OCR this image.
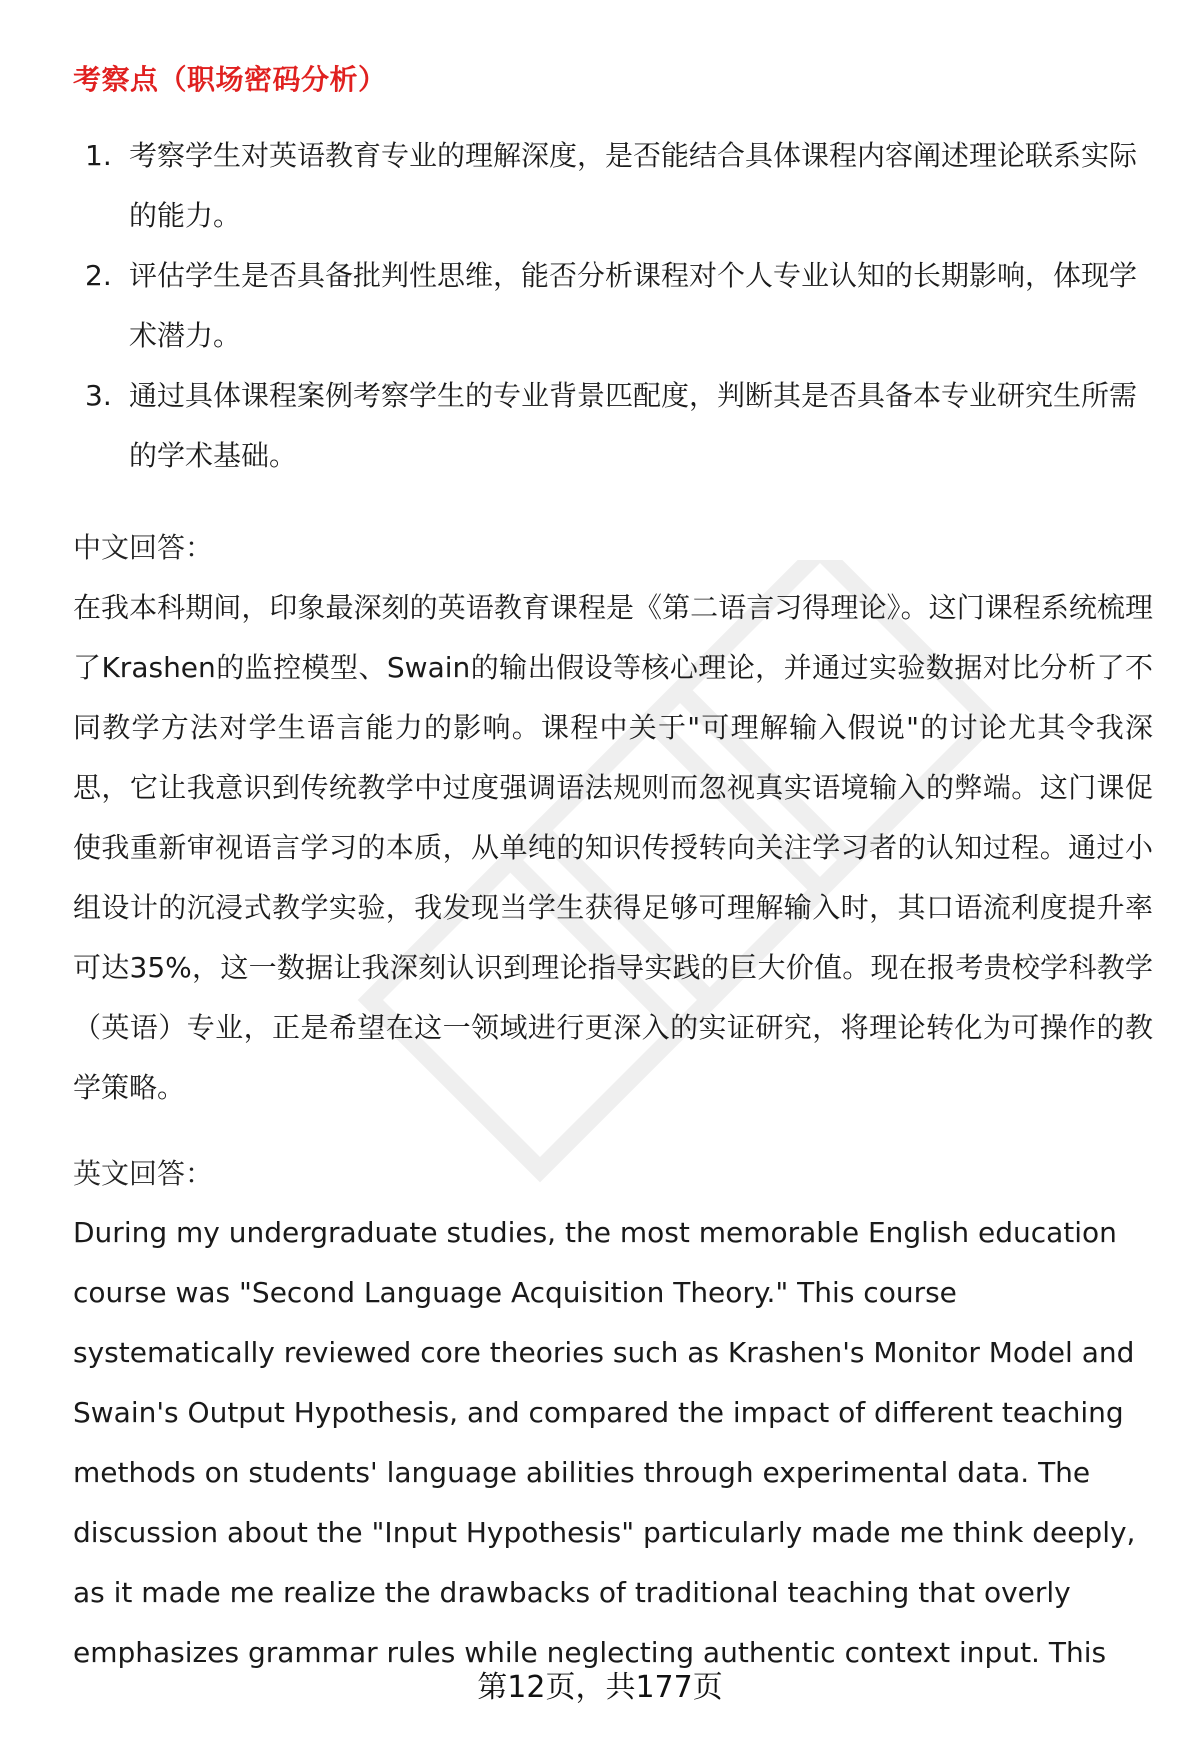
考察点（职场密码分析）
1. 考察学生对英语教育专业的理解深度，是否能结合具体课程内容阐述理论联系实际的能力。
2. 评估学生是否具备批判性思维，能否分析课程对个人专业认知的长期影响，体现学术潜力。
3. 通过具体课程案例考察学生的专业背景匹配度，判断其是否具备本专业研究生所需的学术基础。
中文回答：

在我本科期间，印象最深刻的英语教育课程是《第二语言习得理论》。这门课程系统梳理了Krashen的监控模型、Swain的输出假设等核心理论，并通过实验数据对比分析了不同教学方法对学生语言能力的影响。课程中关于"可理解输入假说"的讨论尤其令我深思，它让我意识到传统教学中过度强调语法规则而忽视真实语境输入的弊端。这门课促使我重新审视语言学习的本质，从单纯的知识传授转向关注学习者的认知过程。通过小组设计的沉浸式教学实验，我发现当学生获得足够可理解输入时，其口语流利度提升率可达35%，这一数据让我深刻认识到理论指导实践的巨大价值。现在报考贵校学科教学（英语）专业，正是希望在这一领域进行更深入的实证研究，将理论转化为可操作的教学策略。

英文回答：

During my undergraduate studies, the most memorable English education course was "Second Language Acquisition Theory." This course systematically reviewed core theories such as Krashen's Monitor Model and Swain's Output Hypothesis, and compared the impact of different teaching methods on students' language abilities through experimental data. The discussion about the "Input Hypothesis" particularly made me think deeply, as it made me realize the drawbacks of traditional teaching that overly emphasizes grammar rules while neglecting authentic context input. This

第12页，共177页
